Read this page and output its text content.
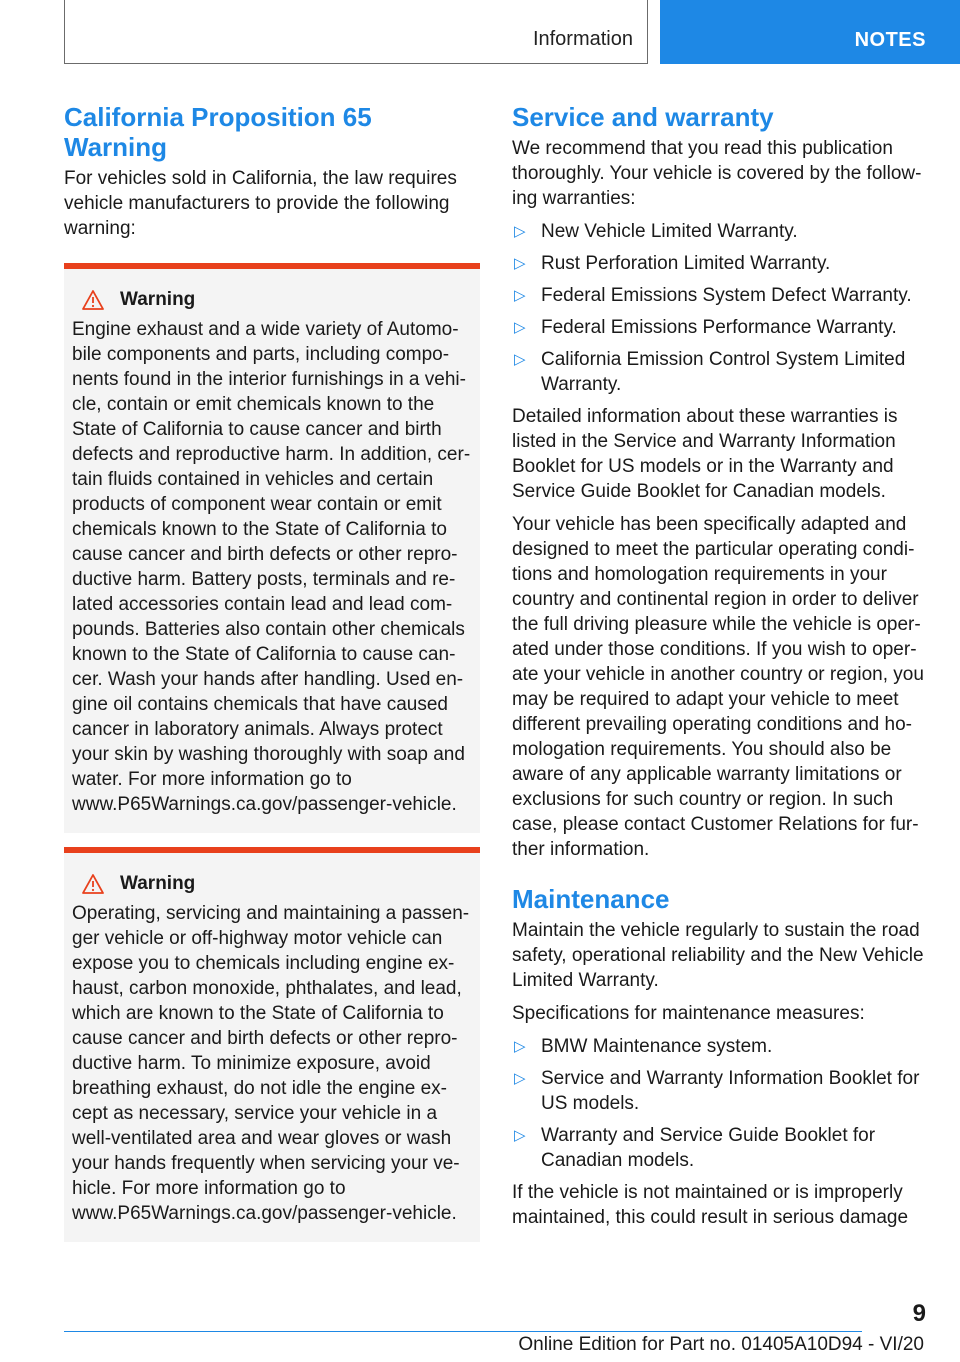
Information	NOTES
California Proposition 65 Warning

For vehicles sold in California, the law requires vehicle manufacturers to provide the following warning:

Warning

Engine exhaust and a wide variety of Automobile components and parts, including components found in the interior furnishings in a vehicle, contain or emit chemicals known to the State of California to cause cancer and birth defects and reproductive harm. In addition, certain fluids contained in vehicles and certain products of component wear contain or emit chemicals known to the State of California to cause cancer and birth defects or other reproductive harm. Battery posts, terminals and related accessories contain lead and lead compounds. Batteries also contain other chemicals known to the State of California to cause cancer. Wash your hands after handling. Used engine oil contains chemicals that have caused cancer in laboratory animals. Always protect your skin by washing thoroughly with soap and water. For more information go to www.P65Warnings.ca.gov/passenger-vehicle.

Warning

Operating, servicing and maintaining a passenger vehicle or off-highway motor vehicle can expose you to chemicals including engine exhaust, carbon monoxide, phthalates, and lead, which are known to the State of California to cause cancer and birth defects or other reproductive harm. To minimize exposure, avoid breathing exhaust, do not idle the engine except as necessary, service your vehicle in a well-ventilated area and wear gloves or wash your hands frequently when servicing your vehicle. For more information go to www.P65Warnings.ca.gov/passenger-vehicle.

Service and warranty

We recommend that you read this publication thoroughly. Your vehicle is covered by the following warranties:

▷ New Vehicle Limited Warranty.
▷ Rust Perforation Limited Warranty.
▷ Federal Emissions System Defect Warranty.
▷ Federal Emissions Performance Warranty.
▷ California Emission Control System Limited Warranty.

Detailed information about these warranties is listed in the Service and Warranty Information Booklet for US models or in the Warranty and Service Guide Booklet for Canadian models.

Your vehicle has been specifically adapted and designed to meet the particular operating conditions and homologation requirements in your country and continental region in order to deliver the full driving pleasure while the vehicle is operated under those conditions. If you wish to operate your vehicle in another country or region, you may be required to adapt your vehicle to meet different prevailing operating conditions and homologation requirements. You should also be aware of any applicable warranty limitations or exclusions for such country or region. In such case, please contact Customer Relations for further information.

Maintenance

Maintain the vehicle regularly to sustain the road safety, operational reliability and the New Vehicle Limited Warranty.

Specifications for maintenance measures:

▷ BMW Maintenance system.
▷ Service and Warranty Information Booklet for US models.
▷ Warranty and Service Guide Booklet for Canadian models.

If the vehicle is not maintained or is improperly maintained, this could result in serious damage

9
Online Edition for Part no. 01405A10D94 - VI/20
